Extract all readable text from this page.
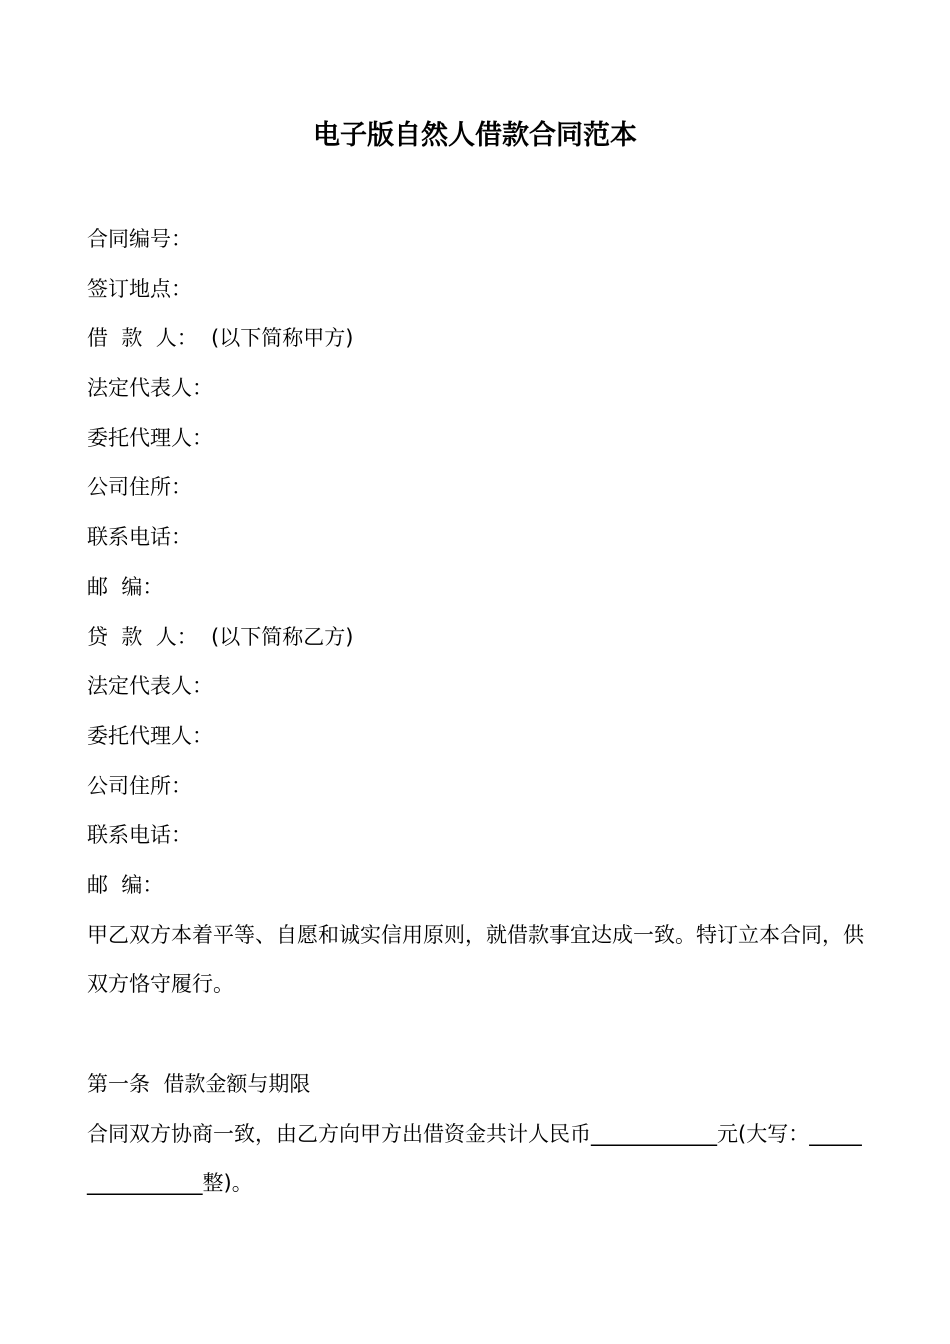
电子版自然人借款合同范本
合同编号：
签订地点：
借  款  人：  (以下简称甲方)
法定代表人：
委托代理人：
公司住所：
联系电话：
邮  编：
贷  款  人：  (以下简称乙方)
法定代表人：
委托代理人：
公司住所：
联系电话：
邮  编：
甲乙双方本着平等、自愿和诚实信用原则，就借款事宜达成一致。特订立本合同，供双方恪守履行。
第一条  借款金额与期限
合同双方协商一致，由乙方向甲方出借资金共计人民币____________元(大写：________________整)。
